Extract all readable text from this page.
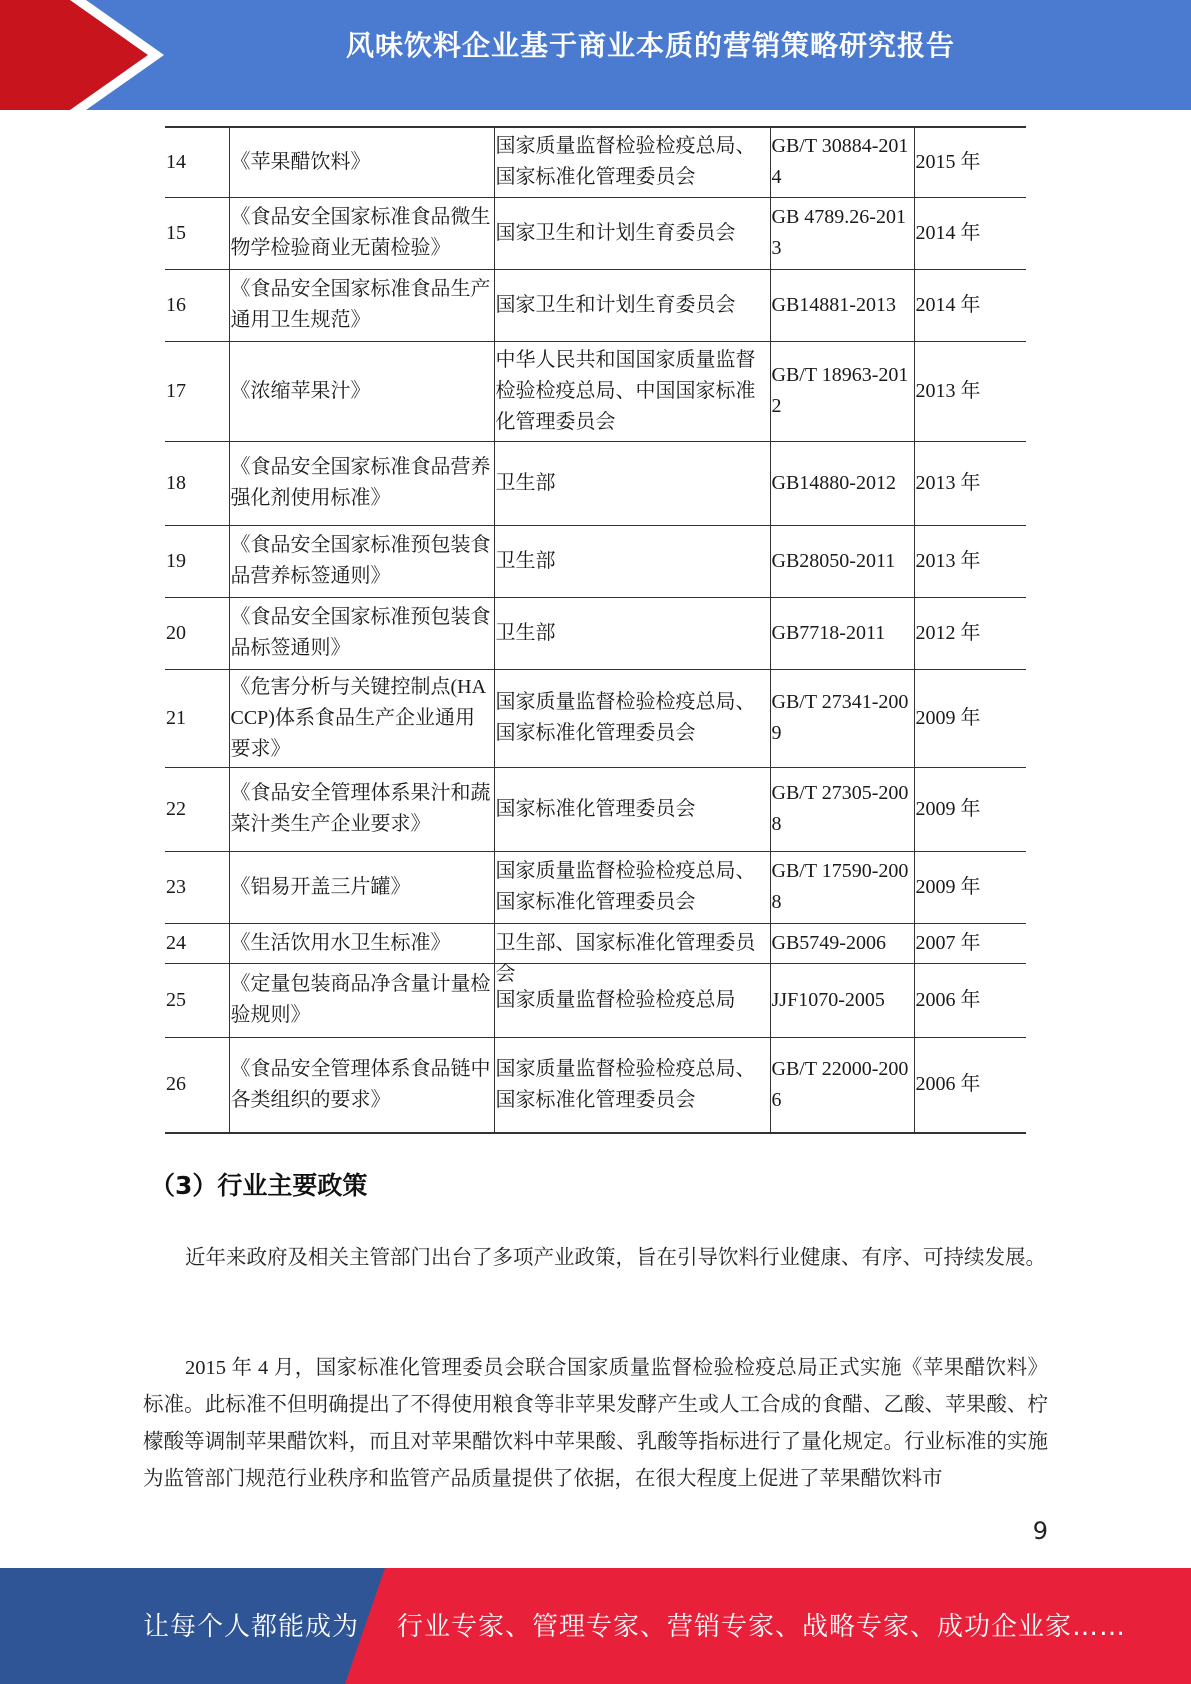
风味饮料企业基于商业本质的营销策略研究报告
14	《苹果醋饮料》	国家质量监督检验检疫总局、国家标准化管理委员会	GB/T 30884-2014	2015 年
15	《食品安全国家标准食品微生物学检验商业无菌检验》	国家卫生和计划生育委员会	GB 4789.26-2013	2014 年
16	《食品安全国家标准食品生产通用卫生规范》	国家卫生和计划生育委员会	GB14881-2013	2014 年
17	《浓缩苹果汁》	中华人民共和国国家质量监督检验检疫总局、中国国家标准化管理委员会	GB/T 18963-2012	2013 年
18	《食品安全国家标准食品营养强化剂使用标准》	卫生部	GB14880-2012	2013 年
19	《食品安全国家标准预包装食品营养标签通则》	卫生部	GB28050-2011	2013 年
20	《食品安全国家标准预包装食品标签通则》	卫生部	GB7718-2011	2012 年
21	《危害分析与关键控制点(HACCP)体系食品生产企业通用要求》	国家质量监督检验检疫总局、国家标准化管理委员会	GB/T 27341-2009	2009 年
22	《食品安全管理体系果汁和蔬菜汁类生产企业要求》	国家标准化管理委员会	GB/T 27305-2008	2009 年
23	《铝易开盖三片罐》	国家质量监督检验检疫总局、国家标准化管理委员会	GB/T 17590-2008	2009 年
24	《生活饮用水卫生标准》	卫生部、国家标准化管理委员会	GB5749-2006	2007 年
25	《定量包装商品净含量计量检验规则》	国家质量监督检验检疫总局	JJF1070-2005	2006 年
26	《食品安全管理体系食品链中各类组织的要求》	国家质量监督检验检疫总局、国家标准化管理委员会	GB/T 22000-2006	2006 年
（3）行业主要政策

近年来政府及相关主管部门出台了多项产业政策，旨在引导饮料行业健康、有序、可持续发展。

2015 年 4 月，国家标准化管理委员会联合国家质量监督检验检疫总局正式实施《苹果醋饮料》标准。此标准不但明确提出了不得使用粮食等非苹果发酵产生或人工合成的食醋、乙酸、苹果酸、柠檬酸等调制苹果醋饮料，而且对苹果醋饮料中苹果酸、乳酸等指标进行了量化规定。行业标准的实施为监管部门规范行业秩序和监管产品质量提供了依据，在很大程度上促进了苹果醋饮料市

9
让每个人都能成为 行业专家、管理专家、营销专家、战略专家、成功企业家……
